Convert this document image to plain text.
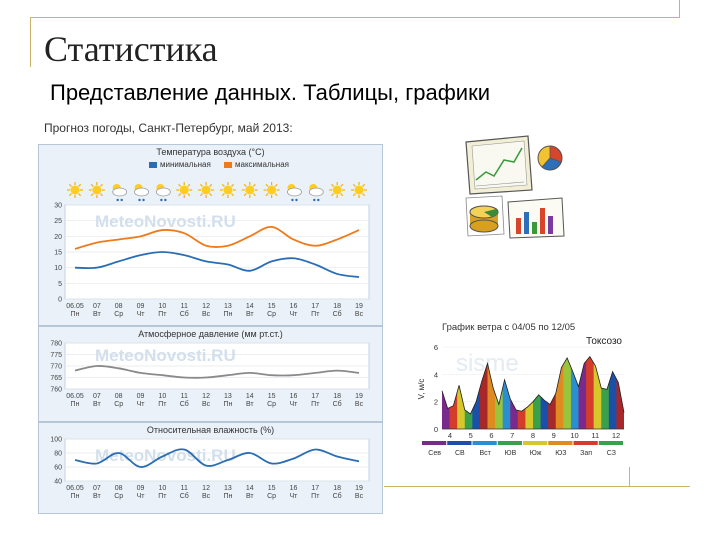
Статистика
Представление данных. Таблицы, графики
Прогноз погоды, Санкт-Петербург, май 2013:
Температура воздуха (°С)
минимальная	максимальная
0
5
10
15
20
25
30
MeteoNovosti.RU
06.05
Пн
07
Вт
08
Ср
09
Чт
10
Пт
11
Сб
12
Вс
13
Пн
14
Вт
15
Ср
16
Чт
17
Пт
18
Сб
19
Вс
Атмосферное давление (мм рт.ст.)
760
765
770
775
780
MeteoNovosti.RU
06.05
Пн
07
Вт
08
Ср
09
Чт
10
Пт
11
Сб
12
Вс
13
Пн
14
Вт
15
Ср
16
Чт
17
Пт
18
Сб
19
Вс
Относительная влажность (%)
40
60
80
100
MeteoNovosti.RU
06.05
Пн
07
Вт
08
Ср
09
Чт
10
Пт
11
Сб
12
Вс
13
Пн
14
Вт
15
Ср
16
Чт
17
Пт
18
Сб
19
Вс
График ветра с 04/05 по 12/05
Токсозо
sisme
V, м/с
0
2
4
6
4 5 6 7 8 9 10 11 12
Сев СВ Вст ЮВ Юж ЮЗ Зап СЗ
